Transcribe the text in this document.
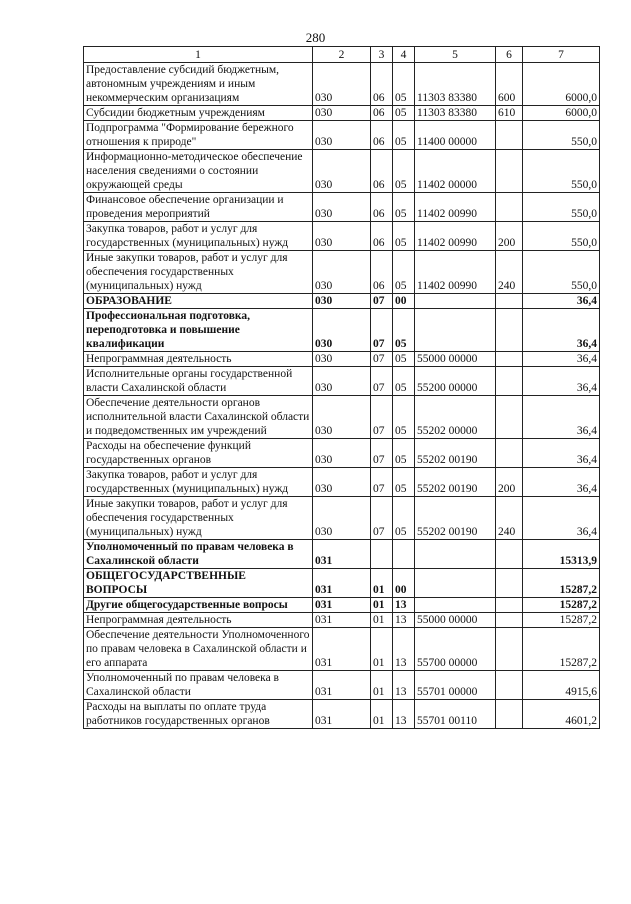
280
1	2	3	4	5	6	7
Предоставление субсидий бюджетным, автономным учреждениям и иным некоммерческим организациям	030	06	05	11303 83380	600	6000,0
Субсидии бюджетным учреждениям	030	06	05	11303 83380	610	6000,0
Подпрограмма "Формирование бережного отношения к природе"	030	06	05	11400 00000		550,0
Информационно-методическое обеспечение населения сведениями о состоянии окружающей среды	030	06	05	11402 00000		550,0
Финансовое обеспечение организации и проведения мероприятий	030	06	05	11402 00990		550,0
Закупка товаров, работ и услуг для государственных (муниципальных) нужд	030	06	05	11402 00990	200	550,0
Иные закупки товаров, работ и услуг для обеспечения государственных (муниципальных) нужд	030	06	05	11402 00990	240	550,0
ОБРАЗОВАНИЕ	030	07	00			36,4
Профессиональная подготовка, переподготовка и повышение квалификации	030	07	05			36,4
Непрограммная деятельность	030	07	05	55000 00000		36,4
Исполнительные органы государственной власти Сахалинской области	030	07	05	55200 00000		36,4
Обеспечение деятельности органов исполнительной власти Сахалинской области и подведомственных им учреждений	030	07	05	55202 00000		36,4
Расходы на обеспечение функций государственных органов	030	07	05	55202 00190		36,4
Закупка товаров, работ и услуг для государственных (муниципальных) нужд	030	07	05	55202 00190	200	36,4
Иные закупки товаров, работ и услуг для обеспечения государственных (муниципальных) нужд	030	07	05	55202 00190	240	36,4
Уполномоченный по правам человека в Сахалинской области	031					15313,9
ОБЩЕГОСУДАРСТВЕННЫЕ ВОПРОСЫ	031	01	00			15287,2
Другие общегосударственные вопросы	031	01	13			15287,2
Непрограммная деятельность	031	01	13	55000 00000		15287,2
Обеспечение деятельности Уполномоченного по правам человека в Сахалинской области и его аппарата	031	01	13	55700 00000		15287,2
Уполномоченный по правам человека в Сахалинской области	031	01	13	55701 00000		4915,6
Расходы на выплаты по оплате труда работников государственных органов	031	01	13	55701 00110		4601,2
